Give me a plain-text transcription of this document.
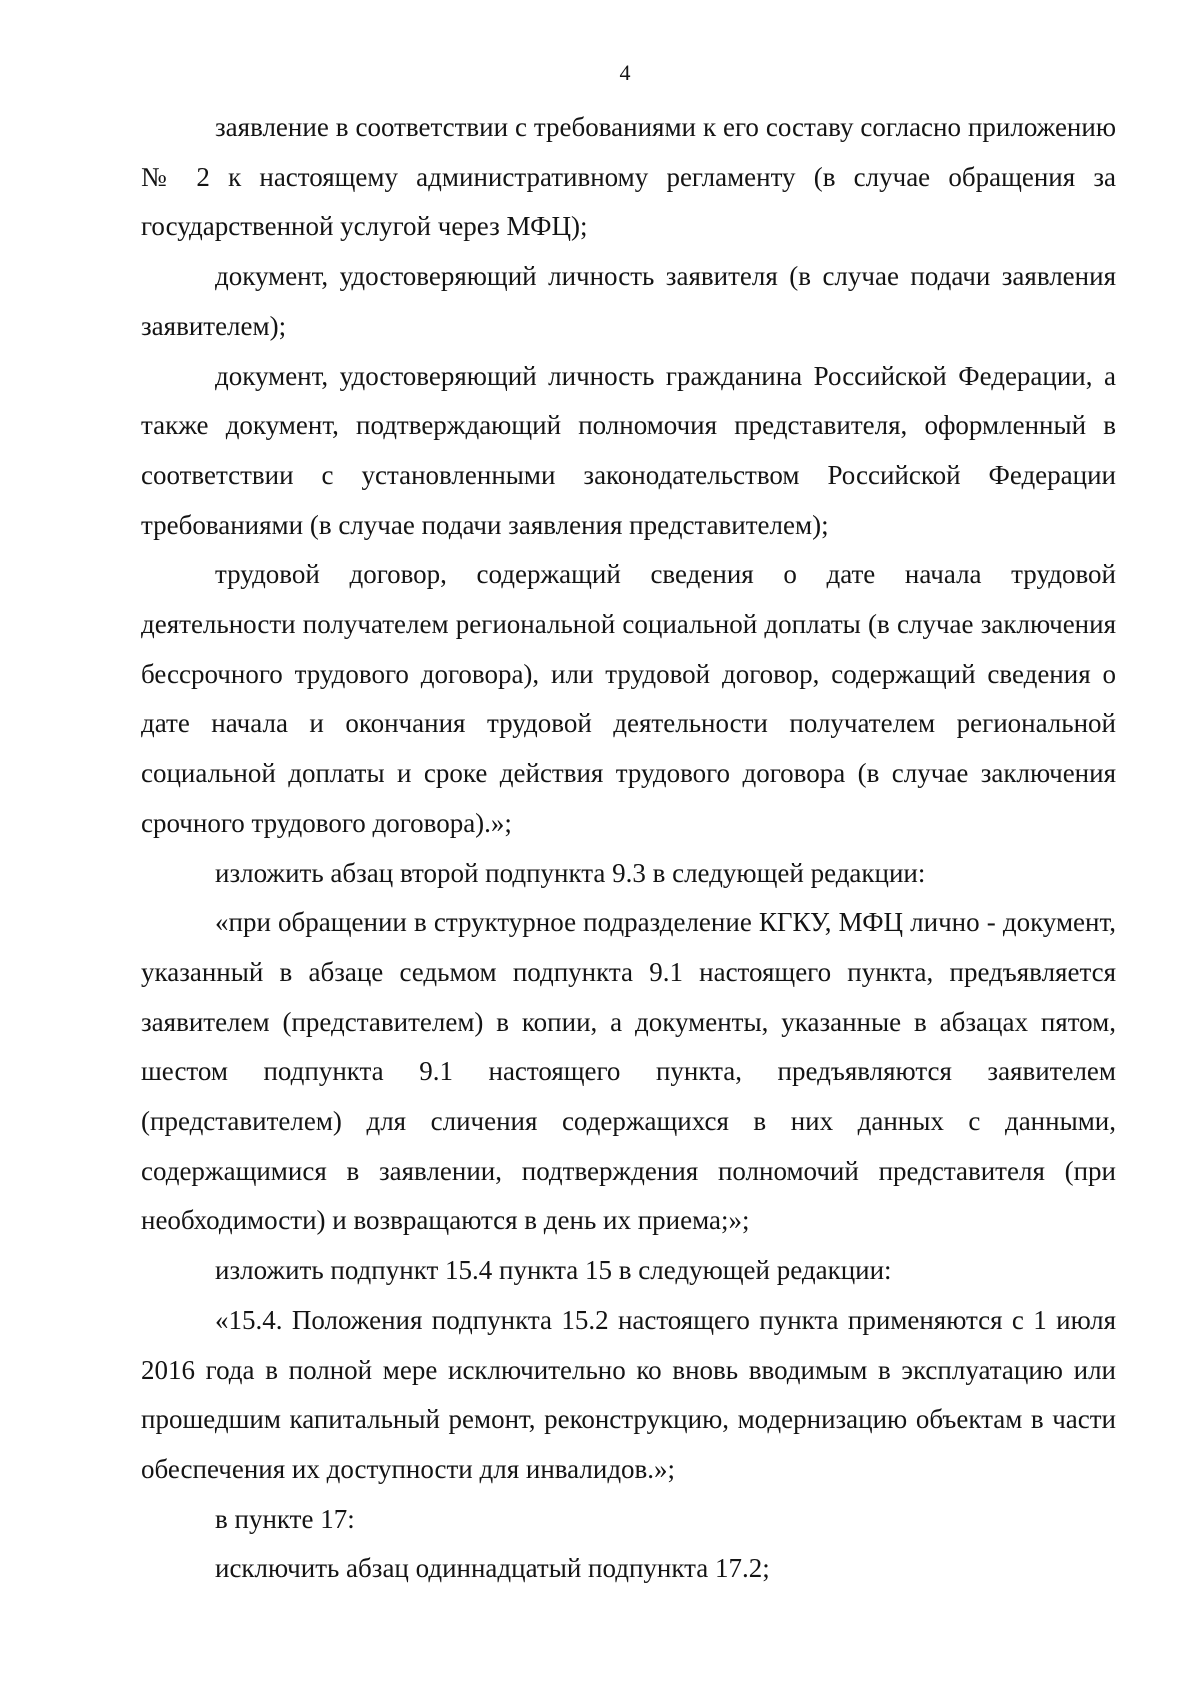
4

заявление в соответствии с требованиями к его составу согласно приложению № 2 к настоящему административному регламенту (в случае обращения за государственной услугой через МФЦ);

документ, удостоверяющий личность заявителя (в случае подачи заявления заявителем);

документ, удостоверяющий личность гражданина Российской Федерации, а также документ, подтверждающий полномочия представителя, оформленный в соответствии с установленными законодательством Российской Федерации требованиями (в случае подачи заявления представителем);

трудовой договор, содержащий сведения о дате начала трудовой деятельности получателем региональной социальной доплаты (в случае заключения бессрочного трудового договора), или трудовой договор, содержащий сведения о дате начала и окончания трудовой деятельности получателем региональной социальной доплаты и сроке действия трудового договора (в случае заключения срочного трудового договора).»;

изложить абзац второй подпункта 9.3 в следующей редакции:

«при обращении в структурное подразделение КГКУ, МФЦ лично - документ, указанный в абзаце седьмом подпункта 9.1 настоящего пункта, предъявляется заявителем (представителем) в копии, а документы, указанные в абзацах пятом, шестом подпункта 9.1 настоящего пункта, предъявляются заявителем (представителем) для сличения содержащихся в них данных с данными, содержащимися в заявлении, подтверждения полномочий представителя (при необходимости) и возвращаются в день их приема;»;

изложить подпункт 15.4 пункта 15 в следующей редакции:

«15.4. Положения подпункта 15.2 настоящего пункта применяются с 1 июля 2016 года в полной мере исключительно ко вновь вводимым в эксплуатацию или прошедшим капитальный ремонт, реконструкцию, модернизацию объектам в части обеспечения их доступности для инвалидов.»;

в пункте 17:

исключить абзац одиннадцатый подпункта 17.2;
